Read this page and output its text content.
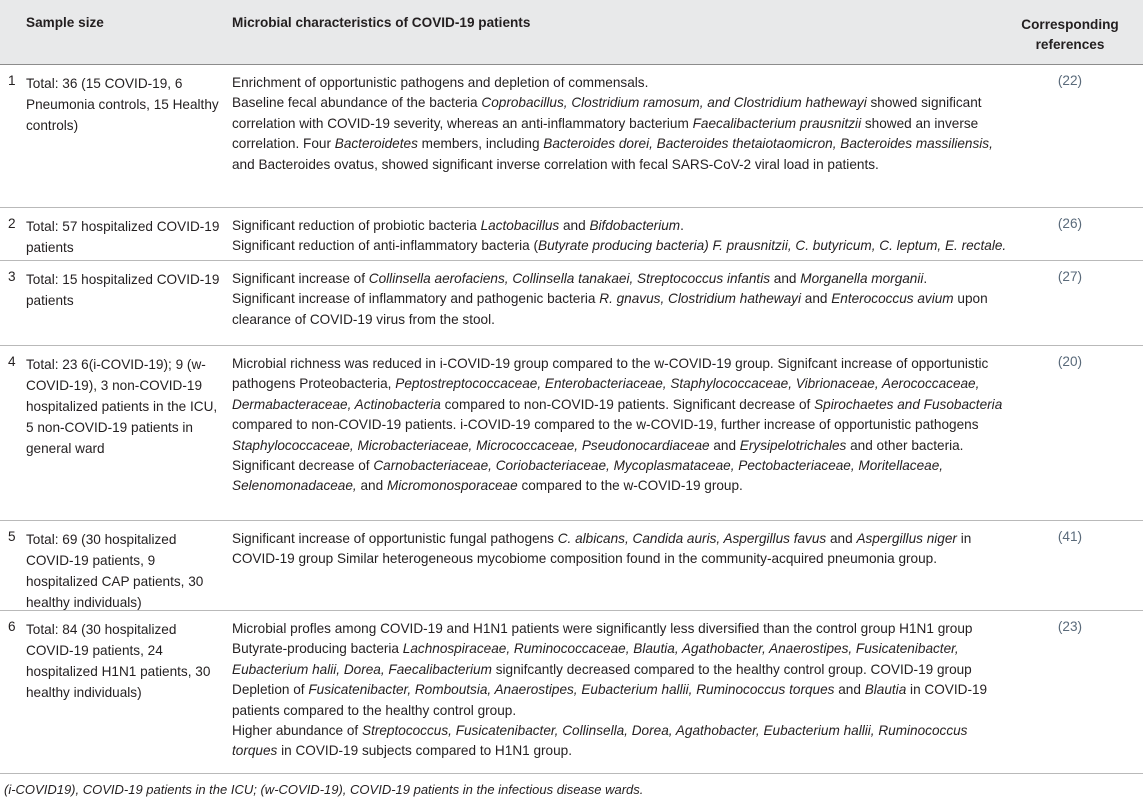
Sample size	Microbial characteristics of COVID-19 patients	Corresponding references
1 Total: 36 (15 COVID-19, 6 Pneumonia controls, 15 Healthy controls)
Enrichment of opportunistic pathogens and depletion of commensals.
Baseline fecal abundance of the bacteria Coprobacillus, Clostridium ramosum, and Clostridium hathewayi showed significant correlation with COVID-19 severity, whereas an anti-inflammatory bacterium Faecalibacterium prausnitzii showed an inverse correlation. Four Bacteroidetes members, including Bacteroides dorei, Bacteroides thetaiotaomicron, Bacteroides massiliensis, and Bacteroides ovatus, showed significant inverse correlation with fecal SARS-CoV-2 viral load in patients.
(22)
2 Total: 57 hospitalized COVID-19 patients
Significant reduction of probiotic bacteria Lactobacillus and Bifdobacterium.
Significant reduction of anti-inflammatory bacteria (Butyrate producing bacteria) F. prausnitzii, C. butyricum, C. leptum, E. rectale.
(26)
3 Total: 15 hospitalized COVID-19 patients
Significant increase of Collinsella aerofaciens, Collinsella tanakaei, Streptococcus infantis and Morganella morganii.
Significant increase of inflammatory and pathogenic bacteria R. gnavus, Clostridium hathewayi and Enterococcus avium upon clearance of COVID-19 virus from the stool.
(27)
4 Total: 23 6(i-COVID-19); 9 (w-COVID-19), 3 non-COVID-19 hospitalized patients in the ICU, 5 non-COVID-19 patients in general ward
Microbial richness was reduced in i-COVID-19 group compared to the w-COVID-19 group. Signifcant increase of opportunistic pathogens Proteobacteria, Peptostreptococcaceae, Enterobacteriaceae, Staphylococcaceae, Vibrionaceae, Aerococcaceae, Dermabacteraceae, Actinobacteria compared to non-COVID-19 patients. Significant decrease of Spirochaetes and Fusobacteria compared to non-COVID-19 patients. i-COVID-19 compared to the w-COVID-19, further increase of opportunistic pathogens Staphylococcaceae, Microbacteriaceae, Micrococcaceae, Pseudonocardiaceae and Erysipelotrichales and other bacteria. Significant decrease of Carnobacteriaceae, Coriobacteriaceae, Mycoplasmataceae, Pectobacteriaceae, Moritellaceae, Selenomonadaceae, and Micromonosporaceae compared to the w-COVID-19 group.
(20)
5 Total: 69 (30 hospitalized COVID-19 patients, 9 hospitalized CAP patients, 30 healthy individuals)
Significant increase of opportunistic fungal pathogens C. albicans, Candida auris, Aspergillus favus and Aspergillus niger in COVID-19 group Similar heterogeneous mycobiome composition found in the community-acquired pneumonia group.
(41)
6 Total: 84 (30 hospitalized COVID-19 patients, 24 hospitalized H1N1 patients, 30 healthy individuals)
Microbial profles among COVID-19 and H1N1 patients were significantly less diversified than the control group H1N1 group Butyrate-producing bacteria Lachnospiraceae, Ruminococcaceae, Blautia, Agathobacter, Anaerostipes, Fusicatenibacter, Eubacterium halii, Dorea, Faecalibacterium signifcantly decreased compared to the healthy control group. COVID-19 group Depletion of Fusicatenibacter, Romboutsia, Anaerostipes, Eubacterium hallii, Ruminococcus torques and Blautia in COVID-19 patients compared to the healthy control group.
Higher abundance of Streptococcus, Fusicatenibacter, Collinsella, Dorea, Agathobacter, Eubacterium hallii, Ruminococcus torques in COVID-19 subjects compared to H1N1 group.
(23)
(i-COVID19), COVID-19 patients in the ICU; (w-COVID-19), COVID-19 patients in the infectious disease wards.
